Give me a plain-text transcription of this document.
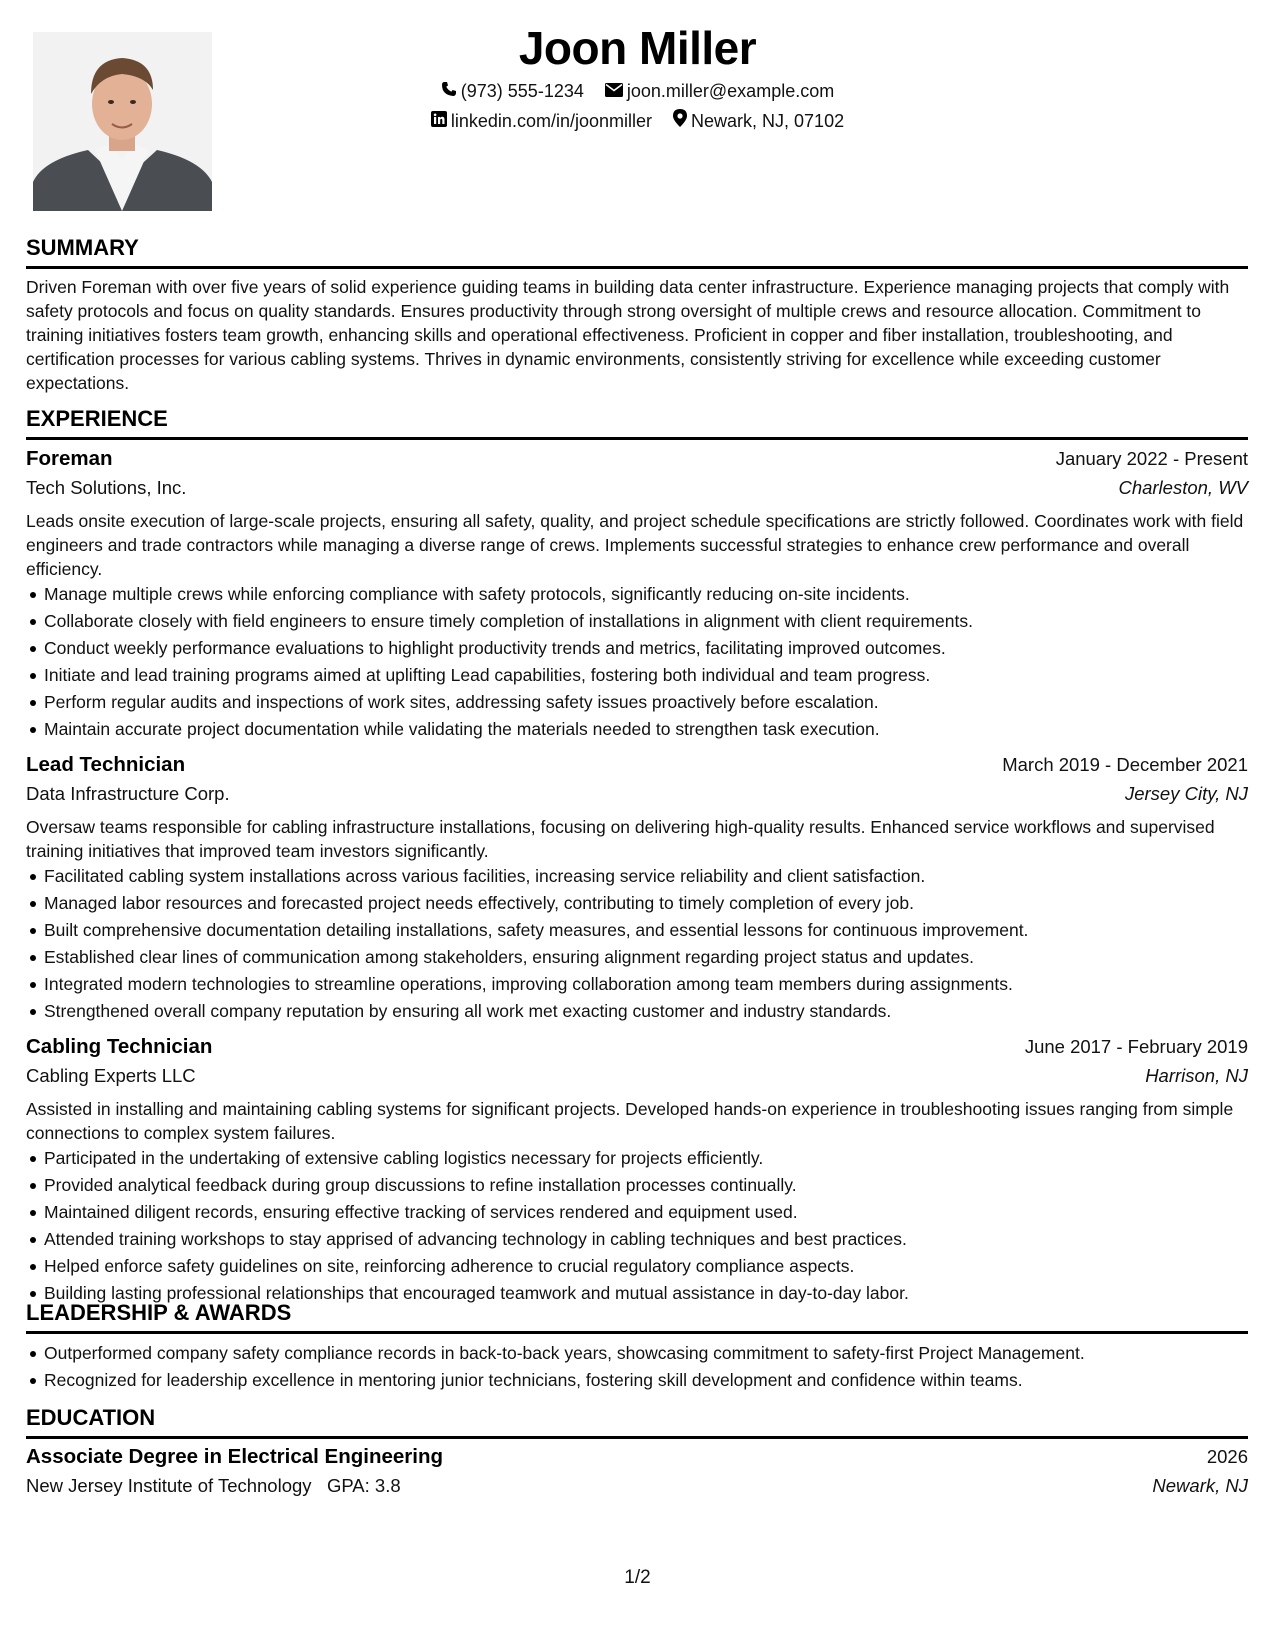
Joon Miller
(973) 555-1234
joon.miller@example.com
linkedin.com/in/joonmiller
Newark, NJ, 07102
SUMMARY

Driven Foreman with over five years of solid experience guiding teams in building data center infrastructure. Experience managing projects that comply with safety protocols and focus on quality standards. Ensures productivity through strong oversight of multiple crews and resource allocation. Commitment to training initiatives fosters team growth, enhancing skills and operational effectiveness. Proficient in copper and fiber installation, troubleshooting, and certification processes for various cabling systems. Thrives in dynamic environments, consistently striving for excellence while exceeding customer expectations.

EXPERIENCE
Foreman	January 2022 - Present
Tech Solutions, Inc.	Charleston, WV

Leads onsite execution of large-scale projects, ensuring all safety, quality, and project schedule specifications are strictly followed. Coordinates work with field engineers and trade contractors while managing a diverse range of crews. Implements successful strategies to enhance crew performance and overall efficiency.

Manage multiple crews while enforcing compliance with safety protocols, significantly reducing on-site incidents.
Collaborate closely with field engineers to ensure timely completion of installations in alignment with client requirements.
Conduct weekly performance evaluations to highlight productivity trends and metrics, facilitating improved outcomes.
Initiate and lead training programs aimed at uplifting Lead capabilities, fostering both individual and team progress.
Perform regular audits and inspections of work sites, addressing safety issues proactively before escalation.
Maintain accurate project documentation while validating the materials needed to strengthen task execution.
Lead Technician	March 2019 - December 2021
Data Infrastructure Corp.	Jersey City, NJ

Oversaw teams responsible for cabling infrastructure installations, focusing on delivering high-quality results. Enhanced service workflows and supervised training initiatives that improved team investors significantly.

Facilitated cabling system installations across various facilities, increasing service reliability and client satisfaction.
Managed labor resources and forecasted project needs effectively, contributing to timely completion of every job.
Built comprehensive documentation detailing installations, safety measures, and essential lessons for continuous improvement.
Established clear lines of communication among stakeholders, ensuring alignment regarding project status and updates.
Integrated modern technologies to streamline operations, improving collaboration among team members during assignments.
Strengthened overall company reputation by ensuring all work met exacting customer and industry standards.
Cabling Technician	June 2017 - February 2019
Cabling Experts LLC	Harrison, NJ

Assisted in installing and maintaining cabling systems for significant projects. Developed hands-on experience in troubleshooting issues ranging from simple connections to complex system failures.

Participated in the undertaking of extensive cabling logistics necessary for projects efficiently.
Provided analytical feedback during group discussions to refine installation processes continually.
Maintained diligent records, ensuring effective tracking of services rendered and equipment used.
Attended training workshops to stay apprised of advancing technology in cabling techniques and best practices.
Helped enforce safety guidelines on site, reinforcing adherence to crucial regulatory compliance aspects.
Building lasting professional relationships that encouraged teamwork and mutual assistance in day-to-day labor.
LEADERSHIP & AWARDS
Outperformed company safety compliance records in back-to-back years, showcasing commitment to safety-first Project Management.
Recognized for leadership excellence in mentoring junior technicians, fostering skill development and confidence within teams.
EDUCATION
Associate Degree in Electrical Engineering	2026
New Jersey Institute of Technology GPA: 3.8	Newark, NJ
1/2
